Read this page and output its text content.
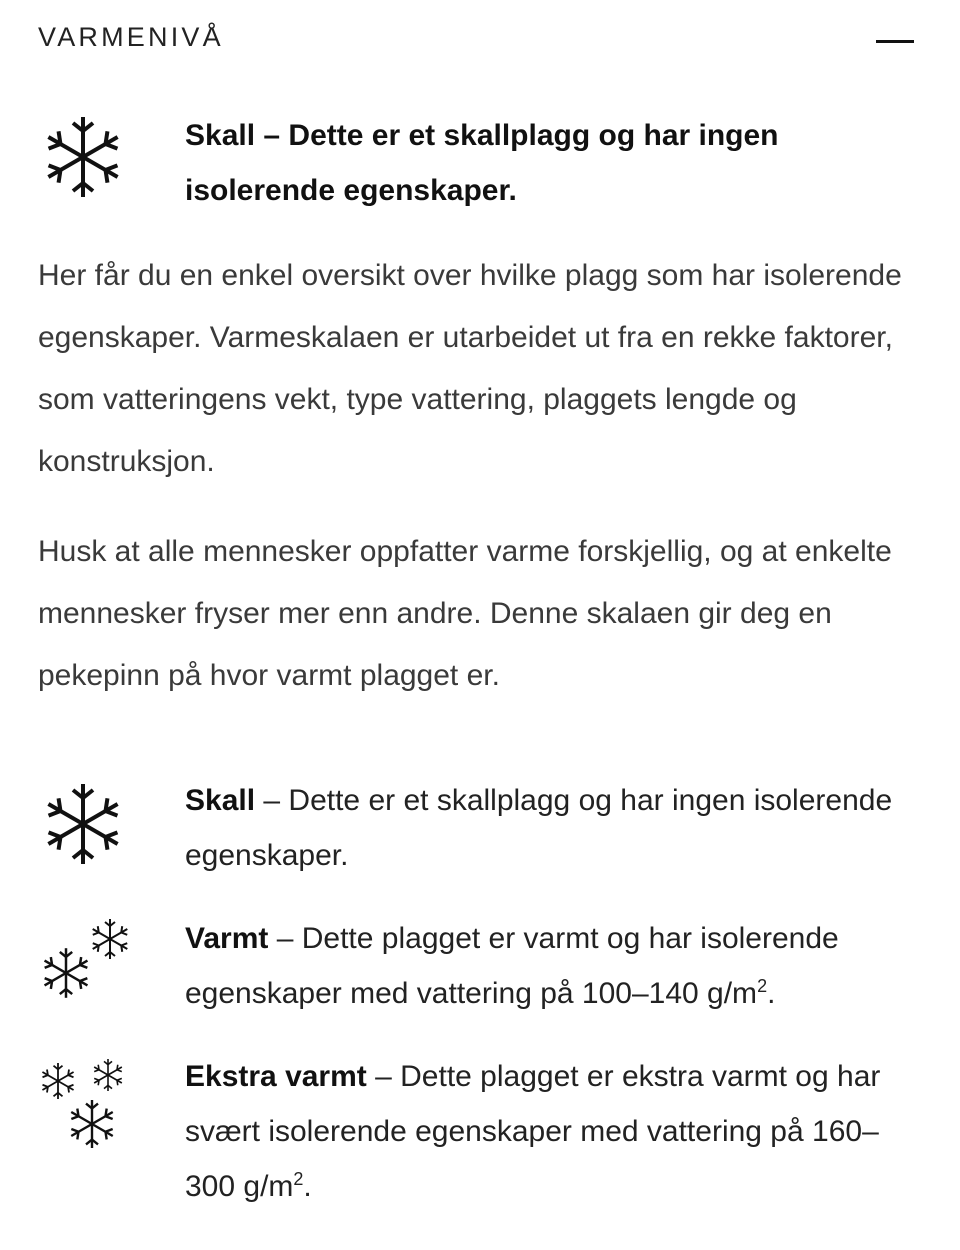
VARMENIVÅ
Skall – Dette er et skallplagg og har ingen isolerende egenskaper.
Her får du en enkel oversikt over hvilke plagg som har isolerende egenskaper. Varmeskalaen er utarbeidet ut fra en rekke faktorer, som vatteringens vekt, type vattering, plaggets lengde og konstruksjon.
Husk at alle mennesker oppfatter varme forskjellig, og at enkelte mennesker fryser mer enn andre. Denne skalaen gir deg en pekepinn på hvor varmt plagget er.
Skall – Dette er et skallplagg og har ingen isolerende egenskaper.
Varmt – Dette plagget er varmt og har isolerende egenskaper med vattering på 100–140 $g/m^2$.
Ekstra varmt – Dette plagget er ekstra varmt og har svært isolerende egenskaper med vattering på 160–300 $g/m^2$.
